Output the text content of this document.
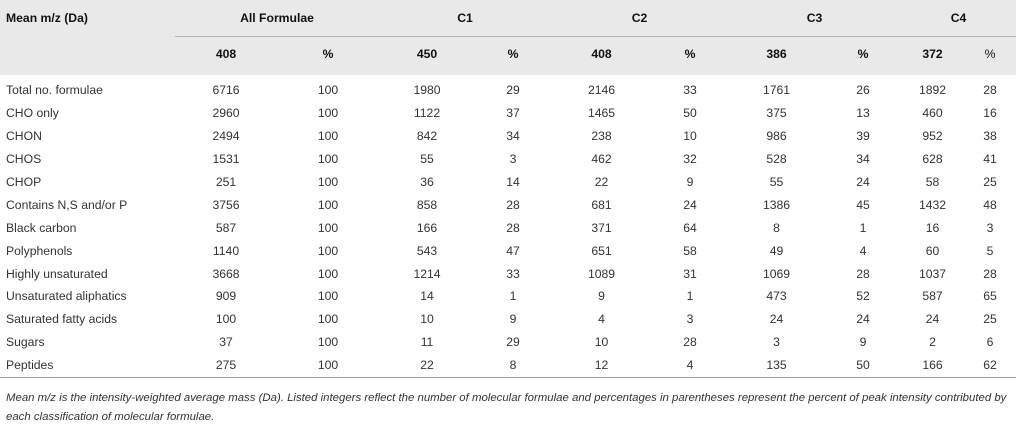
Mean m/z (Da)	All Formulae		C1		C2		C3		C4	
	408	%	450	%	408	%	386	%	372	%

Total no. formulae	6716	100	1980	29	2146	33	1761	26	1892	28
CHO only	2960	100	1122	37	1465	50	375	13	460	16
CHON	2494	100	842	34	238	10	986	39	952	38
CHOS	1531	100	55	3	462	32	528	34	628	41
CHOP	251	100	36	14	22	9	55	24	58	25
Contains N,S and/or P	3756	100	858	28	681	24	1386	45	1432	48
Black carbon	587	100	166	28	371	64	8	1	16	3
Polyphenols	1140	100	543	47	651	58	49	4	60	5
Highly unsaturated	3668	100	1214	33	1089	31	1069	28	1037	28
Unsaturated aliphatics	909	100	14	1	9	1	473	52	587	65
Saturated fatty acids	100	100	10	9	4	3	24	24	24	25
Sugars	37	100	11	29	10	28	3	9	2	6
Peptides	275	100	22	8	12	4	135	50	166	62
Mean m/z is the intensity-weighted average mass (Da). Listed integers reflect the number of molecular formulae and percentages in parentheses represent the percent of peak intensity contributed by each classification of molecular formulae.
